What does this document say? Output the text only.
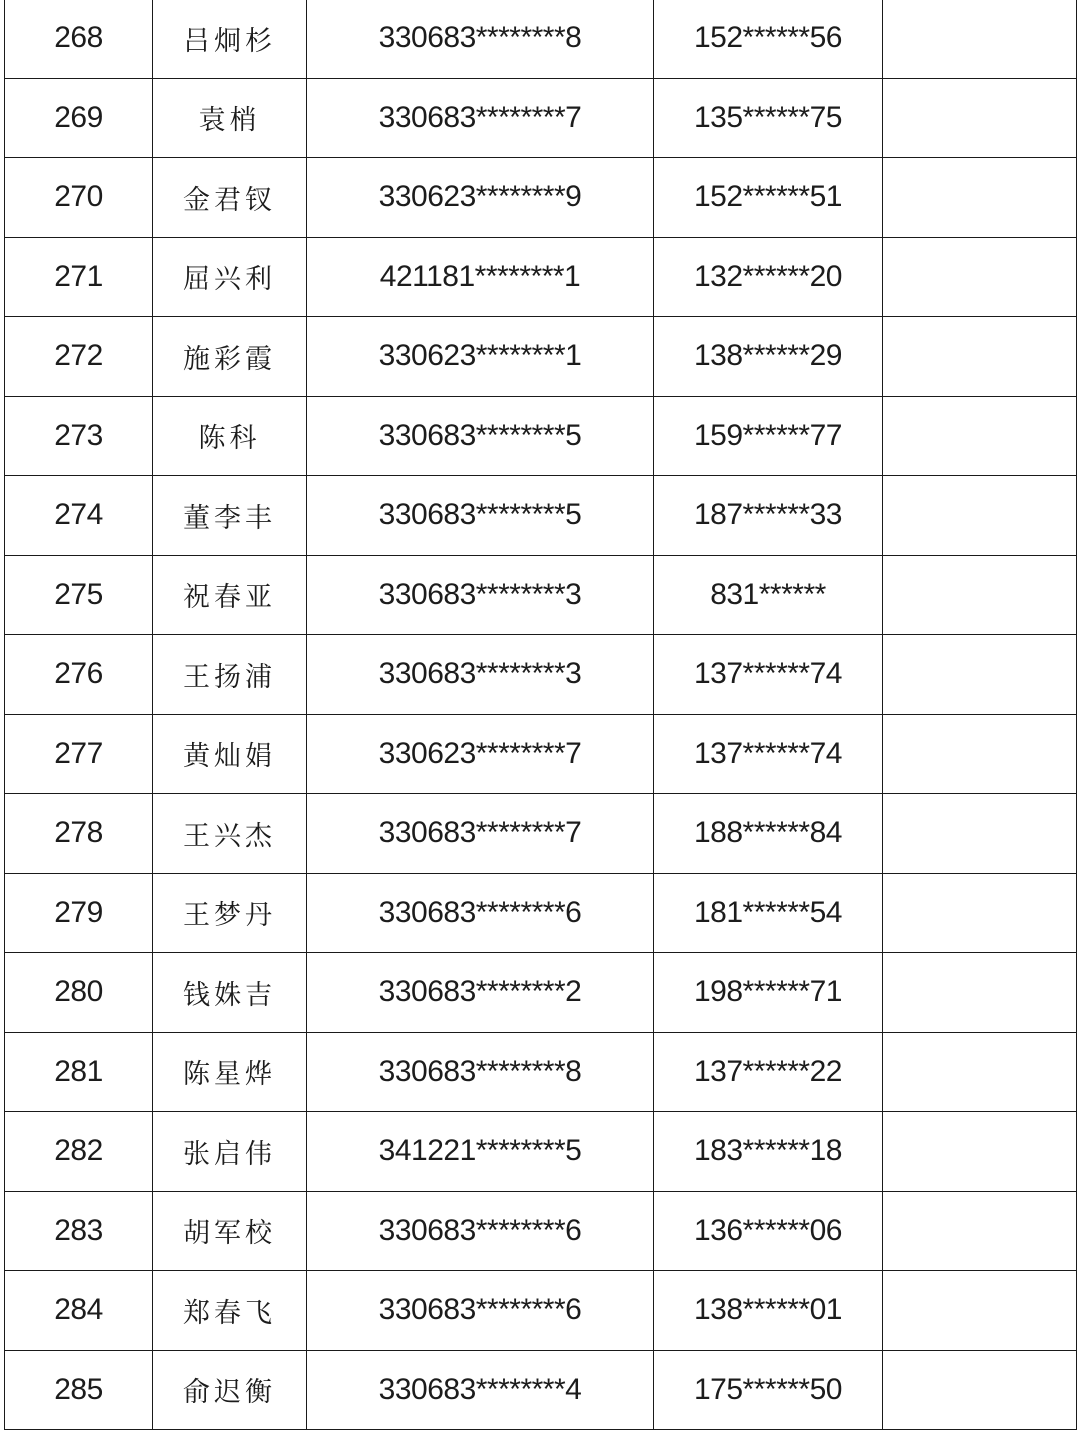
268	吕炯杉	330683********8	152******56	
269	袁梢	330683********7	135******75	
270	金君钗	330623********9	152******51	
271	屈兴利	421181********1	132******20	
272	施彩霞	330623********1	138******29	
273	陈科	330683********5	159******77	
274	董李丰	330683********5	187******33	
275	祝春亚	330683********3	831******	
276	王扬浦	330683********3	137******74	
277	黄灿娟	330623********7	137******74	
278	王兴杰	330683********7	188******84	
279	王梦丹	330683********6	181******54	
280	钱姝吉	330683********2	198******71	
281	陈星烨	330683********8	137******22	
282	张启伟	341221********5	183******18	
283	胡军校	330683********6	136******06	
284	郑春飞	330683********6	138******01	
285	俞迟衡	330683********4	175******50	
